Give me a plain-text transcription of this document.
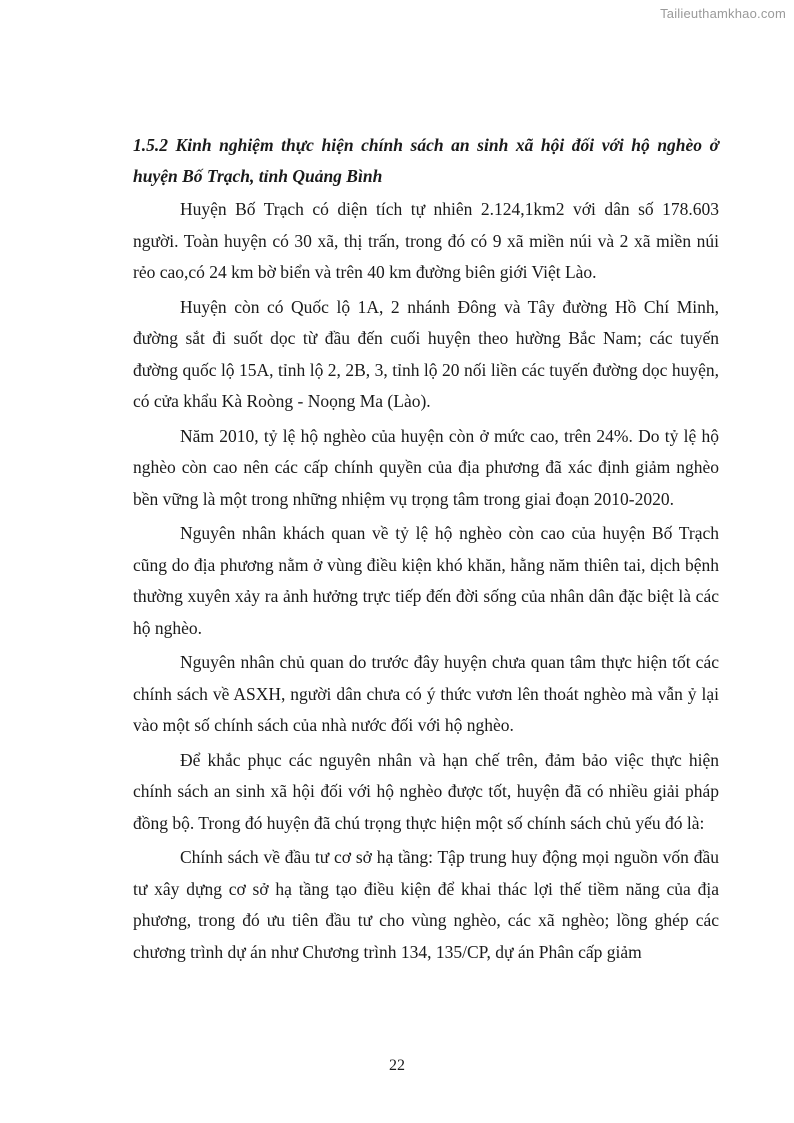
Tailieuthamkhao.com

1.5.2 Kinh nghiệm thực hiện chính sách an sinh xã hội đối với hộ nghèo ở huyện Bố Trạch, tỉnh Quảng Bình

Huyện Bố Trạch có diện tích tự nhiên 2.124,1km2 với dân số 178.603 người. Toàn huyện có 30 xã, thị trấn, trong đó có 9 xã miền núi và 2 xã miền núi rẻo cao,có 24 km bờ biển và trên 40 km đường biên giới Việt Lào.

Huyện còn có Quốc lộ 1A, 2 nhánh Đông và Tây đường Hồ Chí Minh, đường sắt đi suốt dọc từ đầu đến cuối huyện theo hường Bắc Nam; các tuyến đường quốc lộ 15A, tỉnh lộ 2, 2B, 3, tỉnh lộ 20 nối liền các tuyến đường dọc huyện, có cửa khẩu Kà Roòng - Noọng Ma (Lào).

Năm 2010, tỷ lệ hộ nghèo của huyện còn ở mức cao, trên 24%. Do tỷ lệ hộ nghèo còn cao nên các cấp chính quyền của địa phương đã xác định giảm nghèo bền vững là một trong những nhiệm vụ trọng tâm trong giai đoạn 2010-2020.

Nguyên nhân khách quan về tỷ lệ hộ nghèo còn cao của huyện Bố Trạch cũng do địa phương nằm ở vùng điều kiện khó khăn, hằng năm thiên tai, dịch bệnh thường xuyên xảy ra ảnh hưởng trực tiếp đến đời sống của nhân dân đặc biệt là các hộ nghèo.

Nguyên nhân chủ quan do trước đây huyện chưa quan tâm thực hiện tốt các chính sách về ASXH, người dân chưa có ý thức vươn lên thoát nghèo mà vẫn ỷ lại vào một số chính sách của nhà nước đối với hộ nghèo.

Để khắc phục các nguyên nhân và hạn chế trên, đảm bảo việc thực hiện chính sách an sinh xã hội đối với hộ nghèo được tốt, huyện đã có nhiều giải pháp đồng bộ. Trong đó huyện đã chú trọng thực hiện một số chính sách chủ yếu đó là:

Chính sách về đầu tư cơ sở hạ tầng: Tập trung huy động mọi nguồn vốn đầu tư xây dựng cơ sở hạ tầng tạo điều kiện để khai thác lợi thế tiềm năng của địa phương, trong đó ưu tiên đầu tư cho vùng nghèo, các xã nghèo; lồng ghép các chương trình dự án như Chương trình 134, 135/CP, dự án Phân cấp giảm

22
